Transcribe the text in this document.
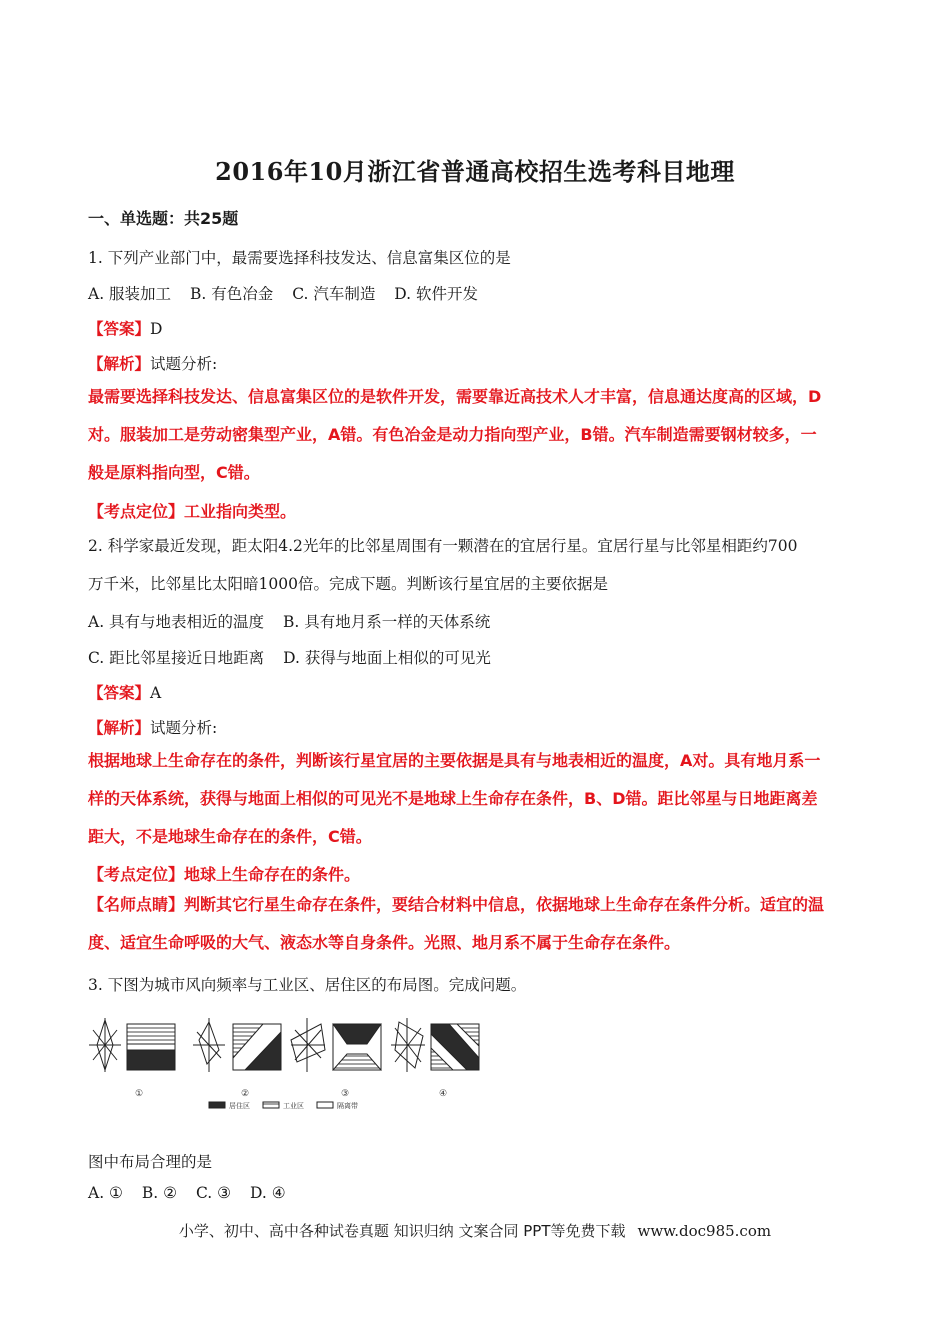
2016年10月浙江省普通高校招生选考科目地理
一、单选题：共25题
1. 下列产业部门中，最需要选择科技发达、信息富集区位的是
A. 服装加工 B. 有色冶金 C. 汽车制造 D. 软件开发
【答案】D
【解析】试题分析:
最需要选择科技发达、信息富集区位的是软件开发，需要靠近高技术人才丰富，信息通达度高的区域，D
对。服装加工是劳动密集型产业，A错。有色冶金是动力指向型产业，B错。汽车制造需要钢材较多，一
般是原料指向型，C错。
【考点定位】工业指向类型。
2. 科学家最近发现，距太阳4.2光年的比邻星周围有一颗潜在的宜居行星。宜居行星与比邻星相距约700
万千米，比邻星比太阳暗1000倍。完成下题。判断该行星宜居的主要依据是
A. 具有与地表相近的温度 B. 具有地月系一样的天体系统
C. 距比邻星接近日地距离 D. 获得与地面上相似的可见光
【答案】A
【解析】试题分析:
根据地球上生命存在的条件，判断该行星宜居的主要依据是具有与地表相近的温度，A对。具有地月系一
样的天体系统，获得与地面上相似的可见光不是地球上生命存在条件，B、D错。距比邻星与日地距离差
距大，不是地球生命存在的条件，C错。
【考点定位】地球上生命存在的条件。
【名师点睛】判断其它行星生命存在条件，要结合材料中信息，依据地球上生命存在条件分析。适宜的温
度、适宜生命呼吸的大气、液态水等自身条件。光照、地月系不属于生命存在条件。
3. 下图为城市风向频率与工业区、居住区的布局图。完成问题。
①	②	③	④
居住区	工业区	隔离带
图中布局合理的是
A. ① B. ② C. ③ D. ④
小学、初中、高中各种试卷真题 知识归纳 文案合同 PPT等免费下载 www.doc985.com
